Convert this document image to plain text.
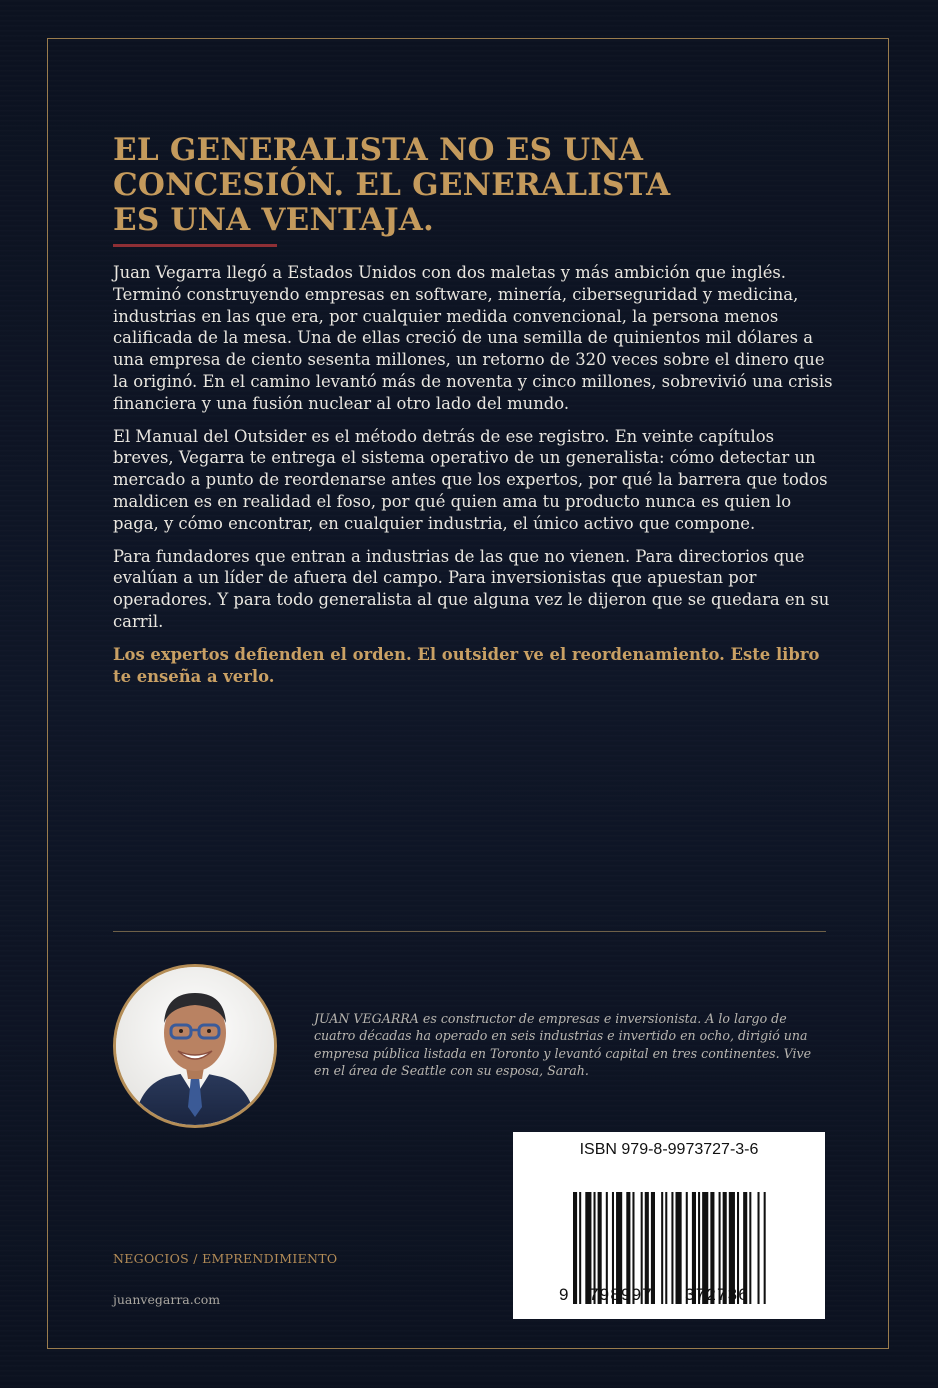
EL GENERALISTA NO ES UNA
CONCESIÓN. EL GENERALISTA
ES UNA VENTAJA.

Juan Vegarra llegó a Estados Unidos con dos maletas y más ambición que inglés. Terminó construyendo empresas en software, minería, ciberseguridad y medicina, industrias en las que era, por cualquier medida convencional, la persona menos calificada de la mesa. Una de ellas creció de una semilla de quinientos mil dólares a una empresa de ciento sesenta millones, un retorno de 320 veces sobre el dinero que la originó. En el camino levantó más de noventa y cinco millones, sobrevivió una crisis financiera y una fusión nuclear al otro lado del mundo.

El Manual del Outsider es el método detrás de ese registro. En veinte capítulos breves, Vegarra te entrega el sistema operativo de un generalista: cómo detectar un mercado a punto de reordenarse antes que los expertos, por qué la barrera que todos maldicen es en realidad el foso, por qué quien ama tu producto nunca es quien lo paga, y cómo encontrar, en cualquier industria, el único activo que compone.

Para fundadores que entran a industrias de las que no vienen. Para directorios que evalúan a un líder de afuera del campo. Para inversionistas que apuestan por operadores. Y para todo generalista al que alguna vez le dijeron que se quedara en su carril.

Los expertos defienden el orden. El outsider ve el reordenamiento. Este libro te enseña a verlo.

JUAN VEGARRA es constructor de empresas e inversionista. A lo largo de cuatro décadas ha operado en seis industrias e invertido en ocho, dirigió una empresa pública listada en Toronto y levantó capital en tres continentes. Vive en el área de Seattle con su esposa, Sarah.
ISBN 979-8-9973727-3-6
9 798997 372736
NEGOCIOS / EMPRENDIMIENTO
juanvegarra.com
